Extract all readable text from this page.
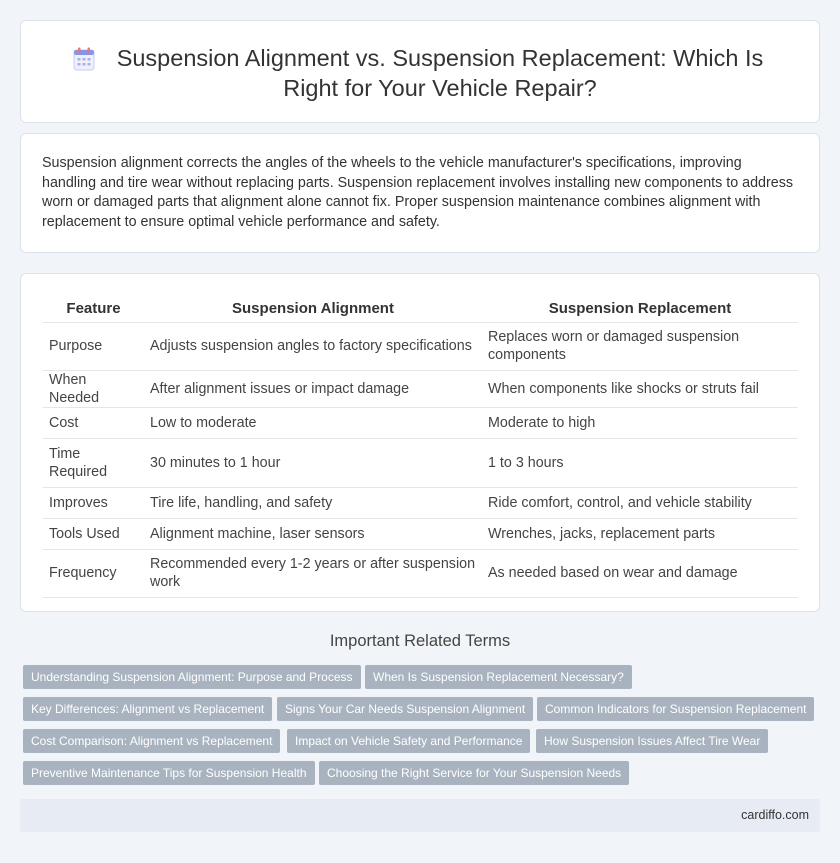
Suspension Alignment vs. Suspension Replacement: Which Is Right for Your Vehicle Repair?

Suspension alignment corrects the angles of the wheels to the vehicle manufacturer's specifications, improving handling and tire wear without replacing parts. Suspension replacement involves installing new components to address worn or damaged parts that alignment alone cannot fix. Proper suspension maintenance combines alignment with replacement to ensure optimal vehicle performance and safety.

Feature	Suspension Alignment	Suspension Replacement
Purpose	Adjusts suspension angles to factory specifications	Replaces worn or damaged suspension components
When Needed	After alignment issues or impact damage	When components like shocks or struts fail
Cost	Low to moderate	Moderate to high
Time Required	30 minutes to 1 hour	1 to 3 hours
Improves	Tire life, handling, and safety	Ride comfort, control, and vehicle stability
Tools Used	Alignment machine, laser sensors	Wrenches, jacks, replacement parts
Frequency	Recommended every 1-2 years or after suspension work	As needed based on wear and damage
Important Related Terms
Understanding Suspension Alignment: Purpose and Process	When Is Suspension Replacement Necessary?
Key Differences: Alignment vs Replacement	Signs Your Car Needs Suspension Alignment	Common Indicators for Suspension Replacement
Cost Comparison: Alignment vs Replacement	Impact on Vehicle Safety and Performance	How Suspension Issues Affect Tire Wear
Preventive Maintenance Tips for Suspension Health	Choosing the Right Service for Your Suspension Needs
cardiffo.com
